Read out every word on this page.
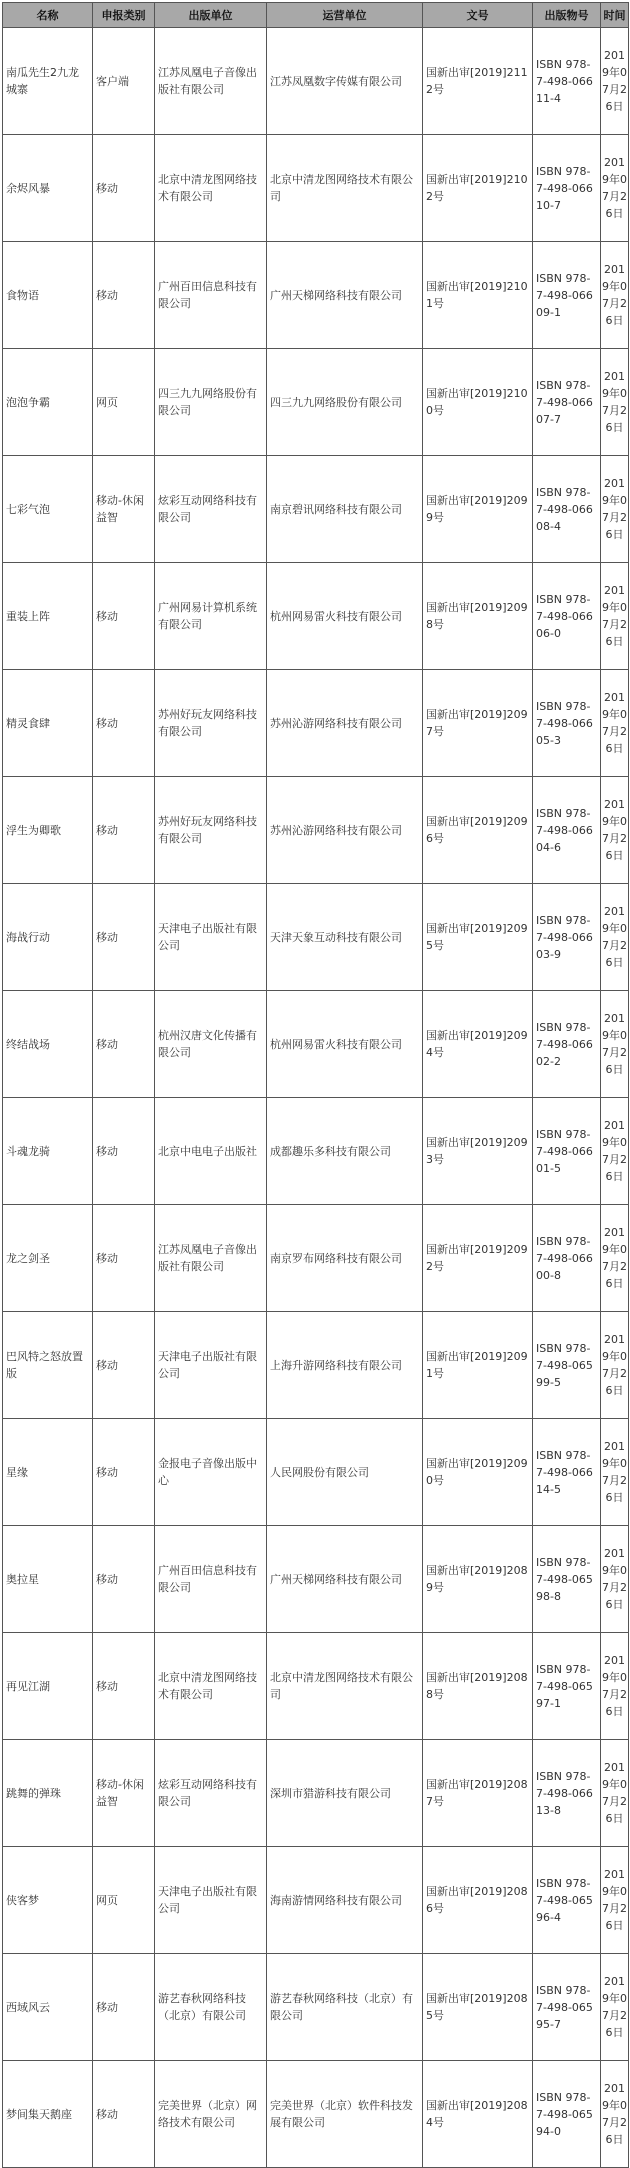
名称	申报类别	出版单位	运营单位	文号	出版物号	时间
南瓜先生2九龙城寨	客户端	江苏凤凰电子音像出版社有限公司	江苏凤凰数字传媒有限公司	国新出审[2019]2112号	ISBN 978-7-498-06611-4	2019年07月26日
余烬风暴	移动	北京中清龙图网络技术有限公司	北京中清龙图网络技术有限公司	国新出审[2019]2102号	ISBN 978-7-498-06610-7	2019年07月26日
食物语	移动	广州百田信息科技有限公司	广州天梯网络科技有限公司	国新出审[2019]2101号	ISBN 978-7-498-06609-1	2019年07月26日
泡泡争霸	网页	四三九九网络股份有限公司	四三九九网络股份有限公司	国新出审[2019]2100号	ISBN 978-7-498-06607-7	2019年07月26日
七彩气泡	移动-休闲益智	炫彩互动网络科技有限公司	南京碧讯网络科技有限公司	国新出审[2019]2099号	ISBN 978-7-498-06608-4	2019年07月26日
重装上阵	移动	广州网易计算机系统有限公司	杭州网易雷火科技有限公司	国新出审[2019]2098号	ISBN 978-7-498-06606-0	2019年07月26日
精灵食肆	移动	苏州好玩友网络科技有限公司	苏州沁游网络科技有限公司	国新出审[2019]2097号	ISBN 978-7-498-06605-3	2019年07月26日
浮生为卿歌	移动	苏州好玩友网络科技有限公司	苏州沁游网络科技有限公司	国新出审[2019]2096号	ISBN 978-7-498-06604-6	2019年07月26日
海战行动	移动	天津电子出版社有限公司	天津天象互动科技有限公司	国新出审[2019]2095号	ISBN 978-7-498-06603-9	2019年07月26日
终结战场	移动	杭州汉唐文化传播有限公司	杭州网易雷火科技有限公司	国新出审[2019]2094号	ISBN 978-7-498-06602-2	2019年07月26日
斗魂龙骑	移动	北京中电电子出版社	成都趣乐多科技有限公司	国新出审[2019]2093号	ISBN 978-7-498-06601-5	2019年07月26日
龙之剑圣	移动	江苏凤凰电子音像出版社有限公司	南京罗布网络科技有限公司	国新出审[2019]2092号	ISBN 978-7-498-06600-8	2019年07月26日
巴风特之怒放置版	移动	天津电子出版社有限公司	上海升游网络科技有限公司	国新出审[2019]2091号	ISBN 978-7-498-06599-5	2019年07月26日
星缘	移动	金报电子音像出版中心	人民网股份有限公司	国新出审[2019]2090号	ISBN 978-7-498-06614-5	2019年07月26日
奥拉星	移动	广州百田信息科技有限公司	广州天梯网络科技有限公司	国新出审[2019]2089号	ISBN 978-7-498-06598-8	2019年07月26日
再见江湖	移动	北京中清龙图网络技术有限公司	北京中清龙图网络技术有限公司	国新出审[2019]2088号	ISBN 978-7-498-06597-1	2019年07月26日
跳舞的弹珠	移动-休闲益智	炫彩互动网络科技有限公司	深圳市猎游科技有限公司	国新出审[2019]2087号	ISBN 978-7-498-06613-8	2019年07月26日
侠客梦	网页	天津电子出版社有限公司	海南游情网络科技有限公司	国新出审[2019]2086号	ISBN 978-7-498-06596-4	2019年07月26日
西域风云	移动	游艺春秋网络科技（北京）有限公司	游艺春秋网络科技（北京）有限公司	国新出审[2019]2085号	ISBN 978-7-498-06595-7	2019年07月26日
梦间集天鹅座	移动	完美世界（北京）网络技术有限公司	完美世界（北京）软件科技发展有限公司	国新出审[2019]2084号	ISBN 978-7-498-06594-0	2019年07月26日
